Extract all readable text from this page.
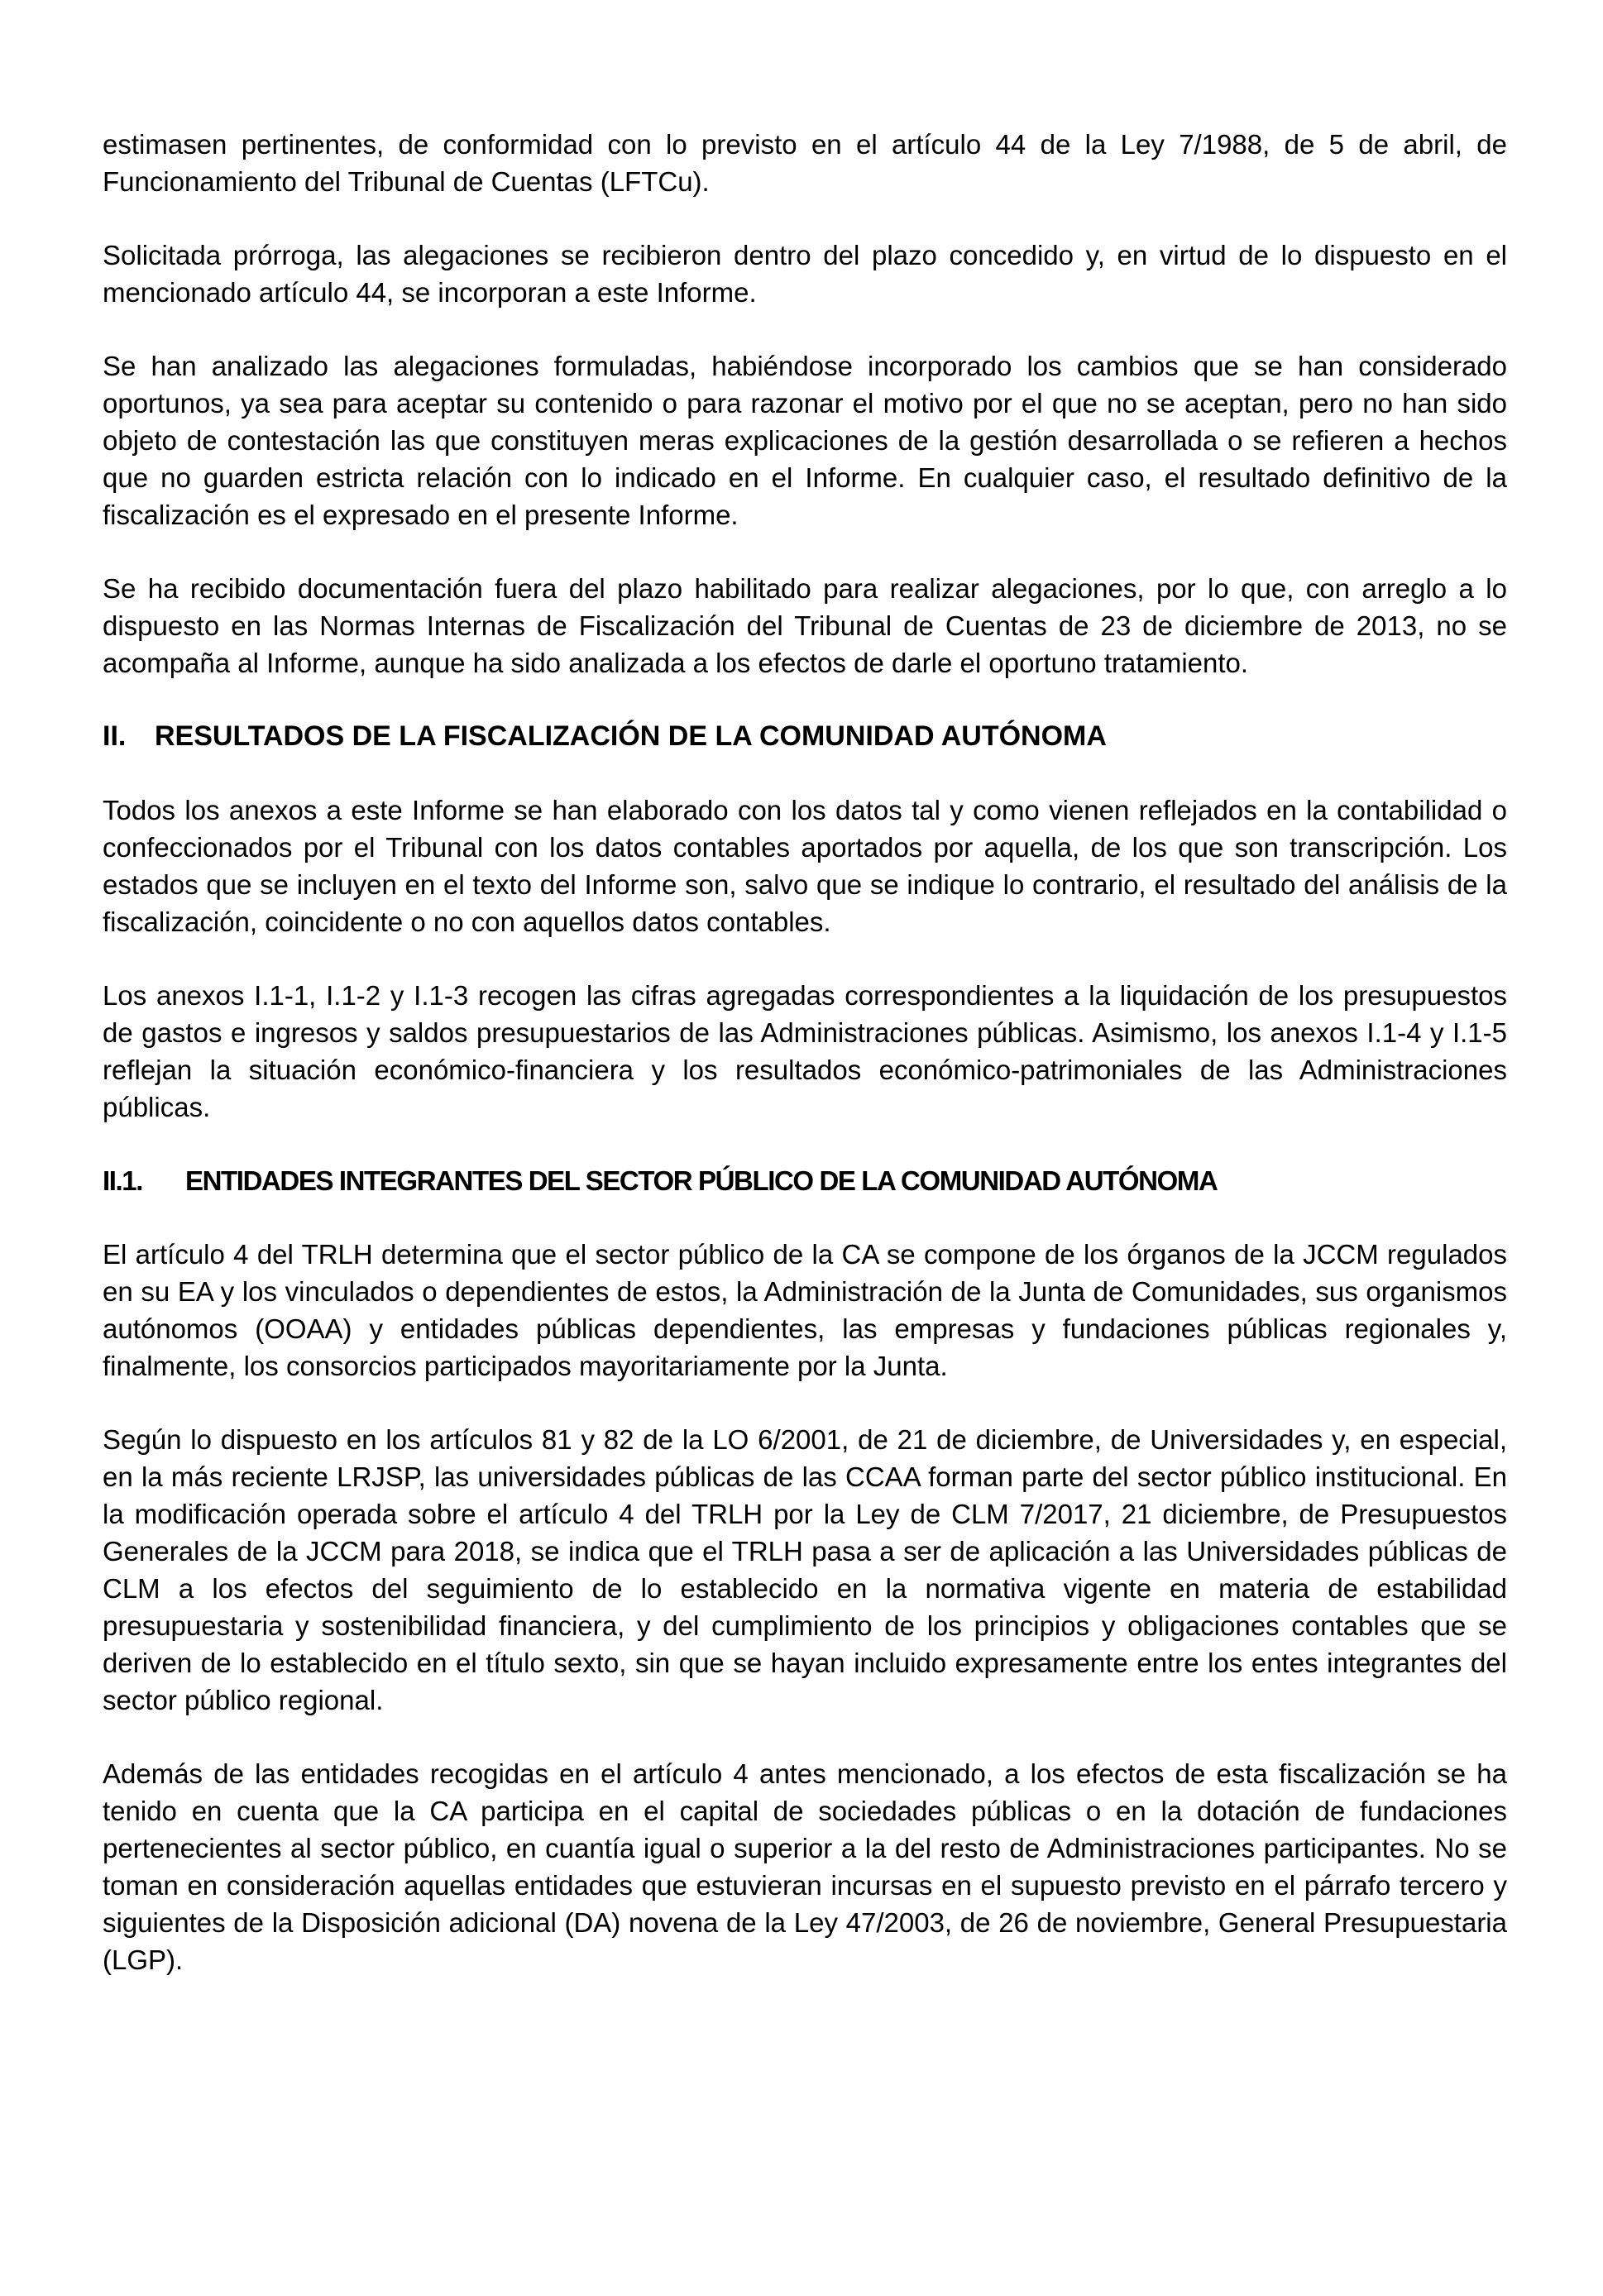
estimasen pertinentes, de conformidad con lo previsto en el artículo 44 de la Ley 7/1988, de 5 de abril, de Funcionamiento del Tribunal de Cuentas (LFTCu).

Solicitada prórroga, las alegaciones se recibieron dentro del plazo concedido y, en virtud de lo dispuesto en el mencionado artículo 44, se incorporan a este Informe.

Se han analizado las alegaciones formuladas, habiéndose incorporado los cambios que se han considerado oportunos, ya sea para aceptar su contenido o para razonar el motivo por el que no se aceptan, pero no han sido objeto de contestación las que constituyen meras explicaciones de la gestión desarrollada o se refieren a hechos que no guarden estricta relación con lo indicado en el Informe. En cualquier caso, el resultado definitivo de la fiscalización es el expresado en el presente Informe.

Se ha recibido documentación fuera del plazo habilitado para realizar alegaciones, por lo que, con arreglo a lo dispuesto en las Normas Internas de Fiscalización del Tribunal de Cuentas de 23 de diciembre de 2013, no se acompaña al Informe, aunque ha sido analizada a los efectos de darle el oportuno tratamiento.

II.	RESULTADOS DE LA FISCALIZACIÓN DE LA COMUNIDAD AUTÓNOMA

Todos los anexos a este Informe se han elaborado con los datos tal y como vienen reflejados en la contabilidad o confeccionados por el Tribunal con los datos contables aportados por aquella, de los que son transcripción. Los estados que se incluyen en el texto del Informe son, salvo que se indique lo contrario, el resultado del análisis de la fiscalización, coincidente o no con aquellos datos contables.

Los anexos I.1-1, I.1-2 y I.1-3 recogen las cifras agregadas correspondientes a la liquidación de los presupuestos de gastos e ingresos y saldos presupuestarios de las Administraciones públicas. Asimismo, los anexos I.1-4 y I.1-5 reflejan la situación económico-financiera y los resultados económico-patrimoniales de las Administraciones públicas.

II.1.	ENTIDADES INTEGRANTES DEL SECTOR PÚBLICO DE LA COMUNIDAD AUTÓNOMA

El artículo 4 del TRLH determina que el sector público de la CA se compone de los órganos de la JCCM regulados en su EA y los vinculados o dependientes de estos, la Administración de la Junta de Comunidades, sus organismos autónomos (OOAA) y entidades públicas dependientes, las empresas y fundaciones públicas regionales y, finalmente, los consorcios participados mayoritariamente por la Junta.

Según lo dispuesto en los artículos 81 y 82 de la LO 6/2001, de 21 de diciembre, de Universidades y, en especial, en la más reciente LRJSP, las universidades públicas de las CCAA forman parte del sector público institucional. En la modificación operada sobre el artículo 4 del TRLH por la Ley de CLM 7/2017, 21 diciembre, de Presupuestos Generales de la JCCM para 2018, se indica que el TRLH pasa a ser de aplicación a las Universidades públicas de CLM a los efectos del seguimiento de lo establecido en la normativa vigente en materia de estabilidad presupuestaria y sostenibilidad financiera, y del cumplimiento de los principios y obligaciones contables que se deriven de lo establecido en el título sexto, sin que se hayan incluido expresamente entre los entes integrantes del sector público regional.

Además de las entidades recogidas en el artículo 4 antes mencionado, a los efectos de esta fiscalización se ha tenido en cuenta que la CA participa en el capital de sociedades públicas o en la dotación de fundaciones pertenecientes al sector público, en cuantía igual o superior a la del resto de Administraciones participantes. No se toman en consideración aquellas entidades que estuvieran incursas en el supuesto previsto en el párrafo tercero y siguientes de la Disposición adicional (DA) novena de la Ley 47/2003, de 26 de noviembre, General Presupuestaria (LGP).
